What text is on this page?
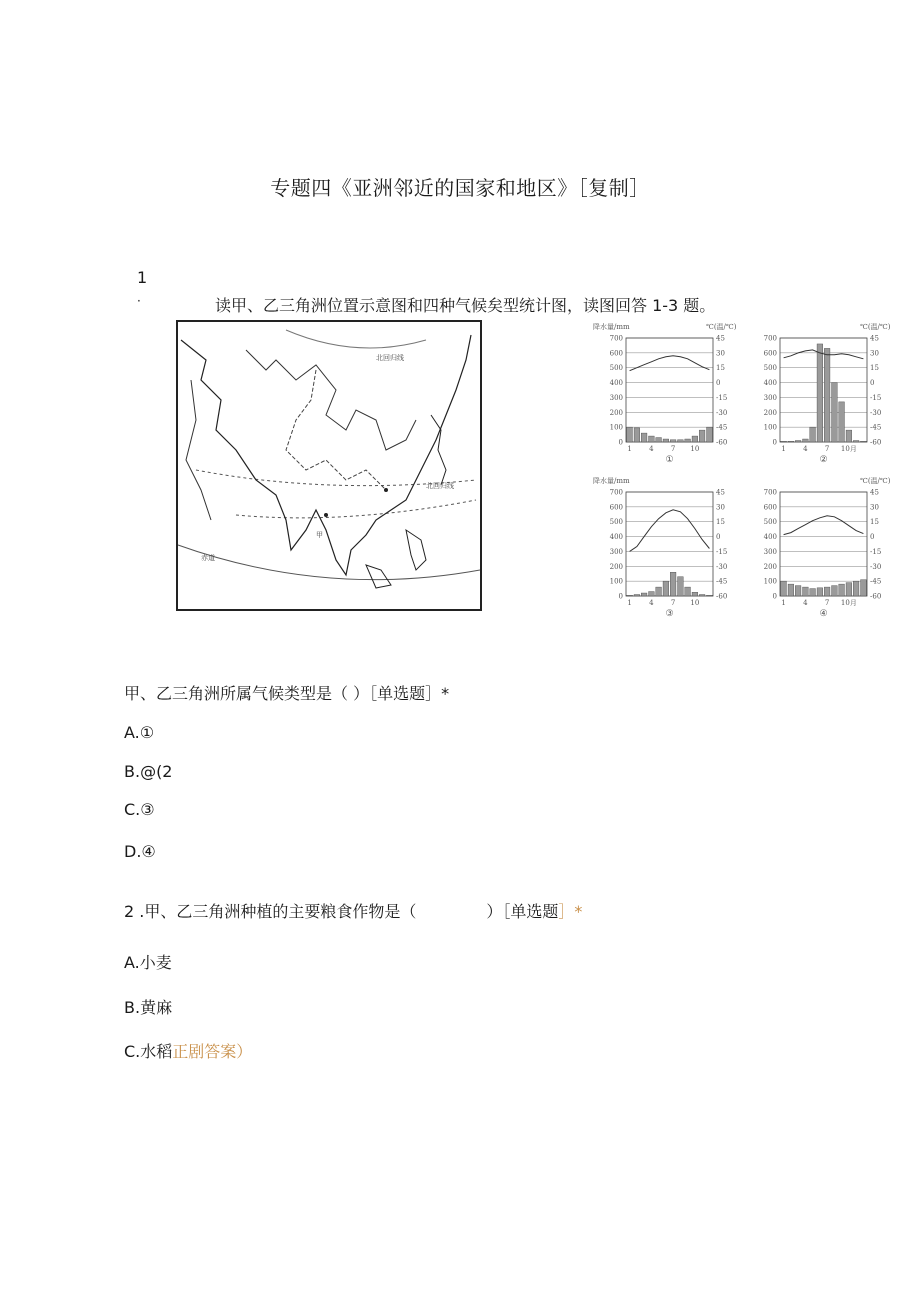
专题四《亚洲邻近的国家和地区》［复制］
1
·	读甲、乙三角洲位置示意图和四种气候矣型统计图，读图回答 1-3 题。
北回归线
北回归线
赤道
甲
降水量/mm	℃(温/℃)
0
100
200
300
400
500
600
700	45
30
15
0
-15
-30
-45
-60
1 4 7 10
①
℃(温/℃)
0
100
200
300
400
500
600
700	45
30
15
0
-15
-30
-45
-60
1 4 7 10月
②
降水量/mm
0
100
200
300
400
500
600
700	45
30
15
0
-15
-30
-45
-60
1 4 7 10
③
℃(温/℃)
0
100
200
300
400
500
600
700	45
30
15
0
-15
-30
-45
-60
1 4 7 10月
④
甲、乙三角洲所属气候类型是（ ）［单选题］*
A.①
B.@(2
C.③
D.④
2 .甲、乙三角洲种植的主要粮食作物是（	）［单选题］*
A.小麦
B.黄麻
C.水稻正剧答案）
